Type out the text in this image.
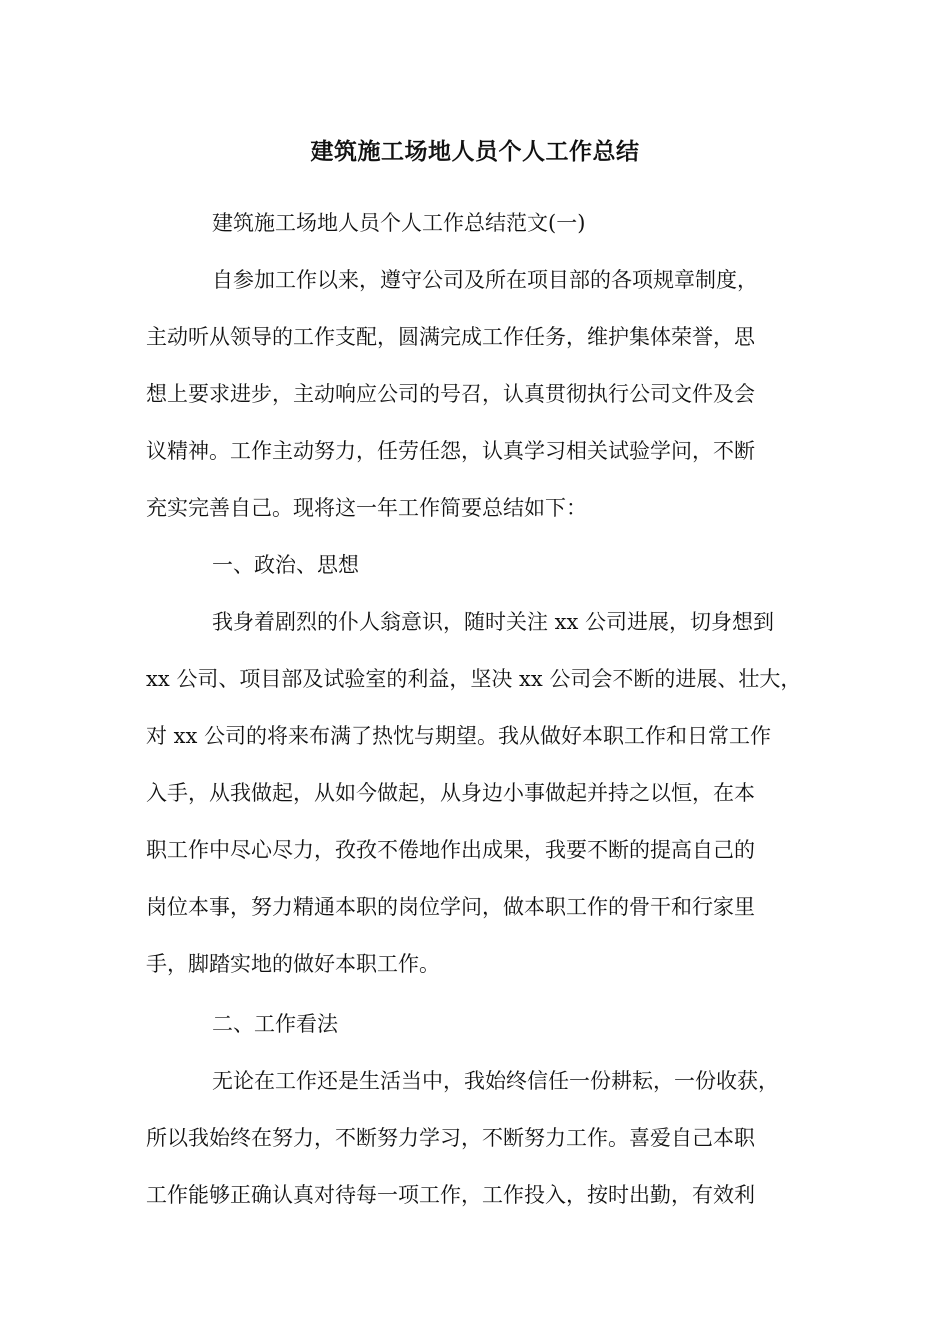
建筑施工场地人员个人工作总结
建筑施工场地人员个人工作总结范文(一)
自参加工作以来，遵守公司及所在项目部的各项规章制度，
主动听从领导的工作支配，圆满完成工作任务，维护集体荣誉，思
想上要求进步，主动响应公司的号召，认真贯彻执行公司文件及会
议精神。工作主动努力，任劳任怨，认真学习相关试验学问，不断
充实完善自己。现将这一年工作简要总结如下：
一、政治、思想
我身着剧烈的仆人翁意识，随时关注 xx 公司进展，切身想到
xx 公司、项目部及试验室的利益，坚决 xx 公司会不断的进展、壮大，
对 xx 公司的将来布满了热忱与期望。我从做好本职工作和日常工作
入手，从我做起，从如今做起，从身边小事做起并持之以恒，在本
职工作中尽心尽力，孜孜不倦地作出成果，我要不断的提高自己的
岗位本事，努力精通本职的岗位学问，做本职工作的骨干和行家里
手，脚踏实地的做好本职工作。
二、工作看法
无论在工作还是生活当中，我始终信任一份耕耘，一份收获，
所以我始终在努力，不断努力学习，不断努力工作。喜爱自己本职
工作能够正确认真对待每一项工作，工作投入，按时出勤，有效利
